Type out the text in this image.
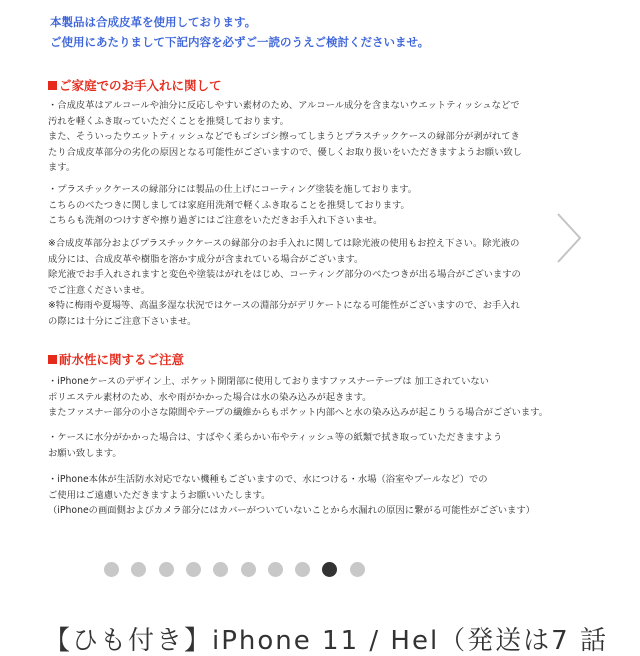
本製品は合成皮革を使用しております。
ご使用にあたりまして下記内容を必ずご一読のうえご検討くださいませ。
ご家庭でのお手入れに関して
・合成皮革はアルコールや油分に反応しやすい素材のため、アルコール成分を含まないウエットティッシュなどで
汚れを軽くふき取っていただくことを推奨しております。
また、そういったウエットティッシュなどでもゴシゴシ擦ってしまうとプラスチックケースの縁部分が剥がれてき
たり合成皮革部分の劣化の原因となる可能性がございますので、優しくお取り扱いをいただきますようお願い致し
ます。
・プラスチックケースの縁部分には製品の仕上げにコーティング塗装を施しております。
こちらのべたつきに関しましては家庭用洗剤で軽くふき取ることを推奨しております。
こちらも洗剤のつけすぎや擦り過ぎにはご注意をいただきお手入れ下さいませ。
※合成皮革部分およびプラスチックケースの縁部分のお手入れに関しては除光液の使用もお控え下さい。除光液の
成分には、合成皮革や樹脂を溶かす成分が含まれている場合がございます。
除光液でお手入れされますと変色や塗装はがれをはじめ、コーティング部分のべたつきが出る場合がございますの
でご注意くださいませ。
※特に梅雨や夏場等、高温多湿な状況ではケースの淵部分がデリケートになる可能性がございますので、お手入れ
の際には十分にご注意下さいませ。
耐水性に関するご注意
・iPhoneケースのデザイン上、ポケット開閉部に使用しておりますファスナーテープは 加工されていない
ポリエステル素材のため、水や雨がかかった場合は水の染み込みが起きます。
またファスナー部分の小さな隙間やテープの繊維からもポケット内部へと水の染み込みが起こりうる場合がございます。
・ケースに水分がかかった場合は、すばやく柔らかい布やティッシュ等の紙類で拭き取っていただきますよう
お願い致します。
・iPhone本体が生活防水対応でない機種もございますので、水につける・水場（浴室やプールなど）での
ご使用はご遠慮いただきますようお願いいたします。
（iPhoneの画面側およびカメラ部分にはカバーがついていないことから水漏れの原因に繋がる可能性がございます）
【ひも付き】iPhone 11 / Hel（発送は7 話
